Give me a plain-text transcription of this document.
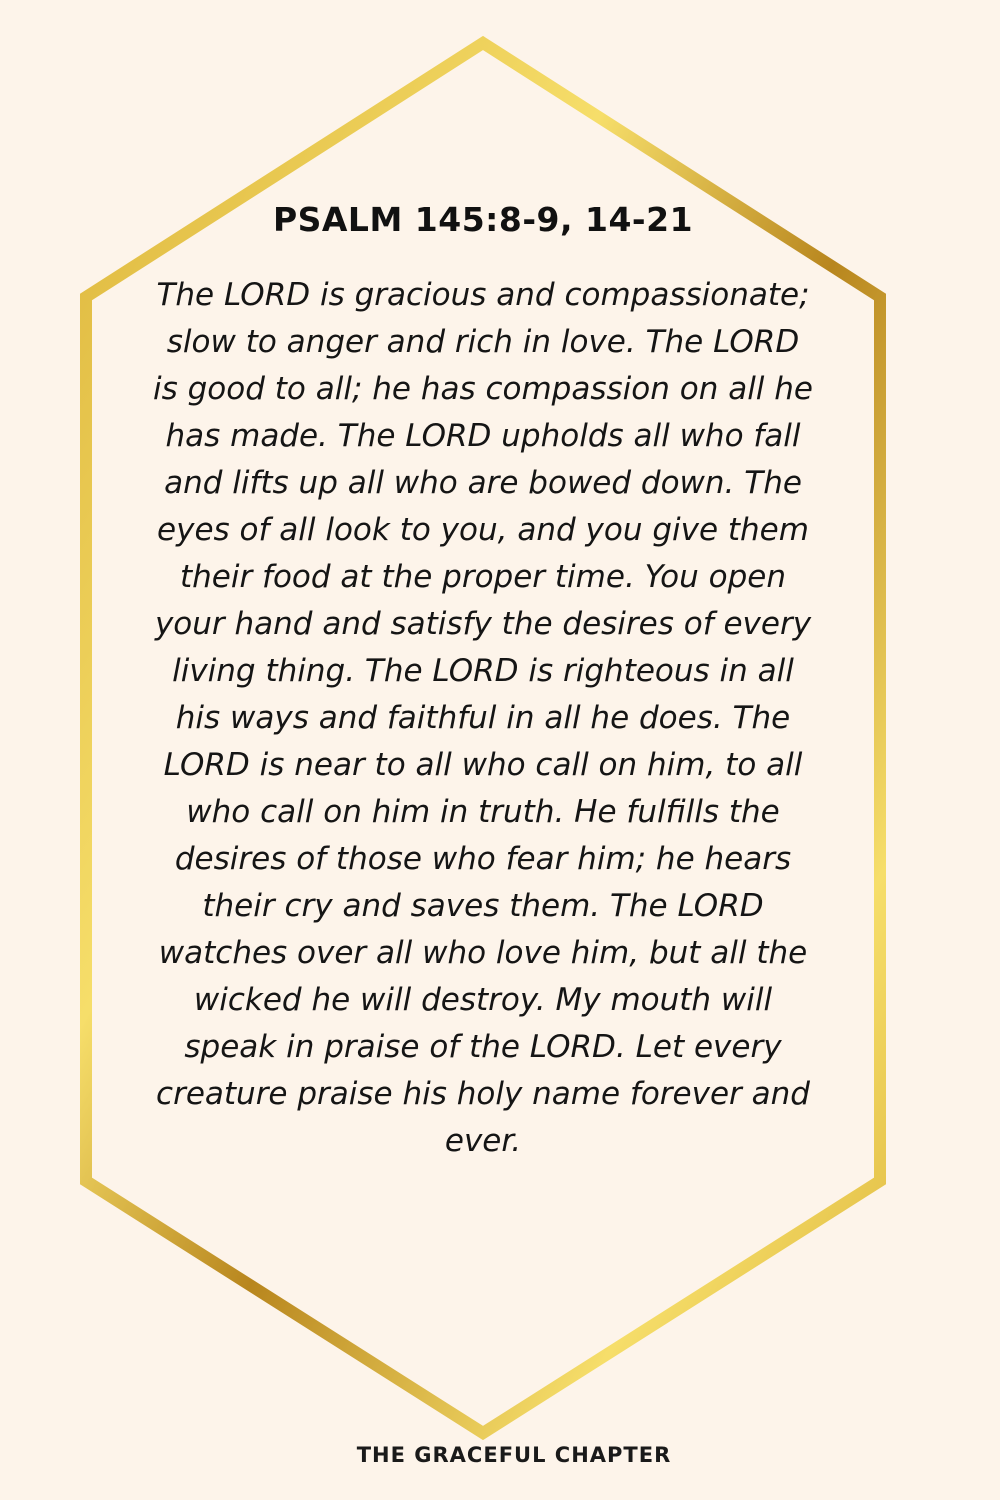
PSALM 145:8-9, 14-21

The LORD is gracious and compassionate; slow to anger and rich in love. The LORD is good to all; he has compassion on all he has made. The LORD upholds all who fall and lifts up all who are bowed down. The eyes of all look to you, and you give them their food at the proper time. You open your hand and satisfy the desires of every living thing. The LORD is righteous in all his ways and faithful in all he does. The LORD is near to all who call on him, to all who call on him in truth. He fulfills the desires of those who fear him; he hears their cry and saves them. The LORD watches over all who love him, but all the wicked he will destroy. My mouth will speak in praise of the LORD. Let every creature praise his holy name forever and ever.

THE GRACEFUL CHAPTER
